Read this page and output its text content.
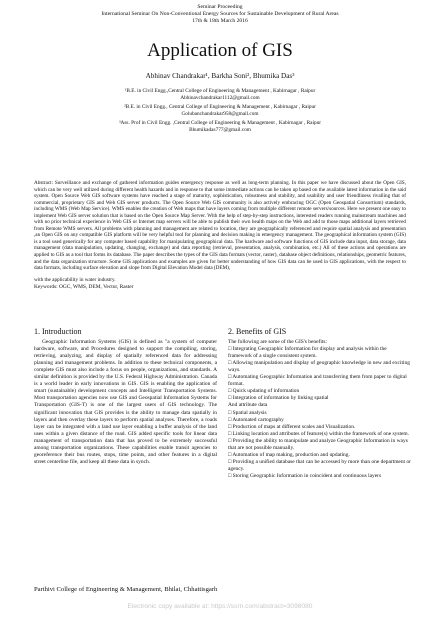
Seminar Proceeding
International Seminar On Non-Conventional Energy Sources for Sustainable Development of Rural Areas
17th & 18th March 2016
Application of GIS
Abhinav Chandrakar¹, Barkha Soni², Bhumika Das³
¹B.E. in Civil Engg.,Central College of Engineering & Management , Kabirnagar , Raipur
Abhinavchandrakar1112@gmail.com
²B.E. in Civil Engg., Central College of Engineering & Management , Kabirnagar , Raipur
Golubanchandrakar958@gmail.com
³Ass. Prof in Civil Engg. ,Central College of Engineering & Management , Kabirnagar , Raipur
Bhumikadas777@gmail.com
Abstract: Surveillance and exchange of gathered information guides emergency response as well as long-term planning. In this paper we have discussed about the Open GIS, which can be very well utilized during different health hazards and in response to that some immediate actions can be taken up based on the available latest information in the said system. Open Source Web GIS software systems have reached a stage of maturity, sophistication, robustness and stability, and usability and user friendliness rivalling that of commercial, proprietary GIS and Web GIS server products. The Open Source Web GIS community is also actively embracing OGC (Open Geospatial Consortium) standards, including WMS (Web Map Service). WMS enables the creation of Web maps that have layers coming from multiple different remote servers/sources. Here we present one easy to implement Web GIS server solution that is based on the Open Source Map Server. With the help of step-by-step instructions, interested readers running mainstream machines and with no prior technical experience in Web GIS or Internet map servers will be able to publish their own health maps on the Web and add to those maps additional layers retrieved from Remote WMS servers. All problems with planning and management are related to location, they are geographically referenced and require spatial analysis and presentation ,an Open GIS on any compatible GIS platform will be very helpful tool for planning and decision making in emergency management. The geographical information system (GIS) is a tool used generically for any computer based capability for manipulating geographical data. The hardware and software functions of GIS include data input, data storage, data management (data manipulation, updating, changing, exchange) and data reporting (retrieval, presentation, analysis, combination, etc.) All of these actions and operations are applied to GIS as a tool that forms its database. The paper describes the types of the GIS data formats (vector, raster), database object definitions, relationships, geometric features, and the data organization structure. Some GIS applications and examples are given for better understanding of how GIS data can be used in GIS applications, with the respect to data formats, including surface elevation and slope from Digital Elevation Model data (DEM),
with the applicability in water industry.
Keywords: OGC, WMS, DEM, Vector, Raster
1. Introduction

Geographic Information Systems (GIS) is defined as "a system of computer hardware, software, and Procedures designed to support the compiling, storing, retrieving, analyzing, and display of spatially referenced data for addressing planning and management problems. In addition to these technical components, a complete GIS must also include a focus on people, organizations, and standards. A similar definition is provided by the U.S. Federal Highway Administration. Canada is a world leader in early innovations in GIS. GIS is enabling the application of smart (sustainable) development concepts and Intelligent Transportation Systems. Most transportation agencies now use GIS and Geospatial Information Systems for Transportation (GIS-T) is one of the largest users of GIS technology. The significant innovation that GIS provides is the ability to manage data spatially in layers and then overlay these layers to perform spatial analyses. Therefore, a roads layer can be integrated with a land use layer enabling a buffer analysis of the land uses within a given distance of the road. GIS added specific tools for linear data management of transportation data that has proved to be extremely successful among transportation organizations. These capabilities enable transit agencies to georeference their bus routes, stops, time points, and other features in a digital street centerline file, and keep all these data in synch.

2. Benefits of GIS
The following are some of the GIS's benefits:
□ Integrating Geographic Information for display and analysis within the framework of a single consistent system.
□ Allowing manipulation and display of geographic knowledge in new and exciting ways.
□ Automating Geographic Information and transferring them from paper to digital format.
□ Quick updating of information
□ Integration of information by linking spatial
And attribute data
□ Spatial analysis
□ Automated cartography
□ Production of maps at different scales and Visualization.
□ Linking location and attributes of feature(s) within the framework of one system.
□ Providing the ability to manipulate and analyze Geographic Information in ways that are not possible manually.
□ Automation of map making, production and updating.
□ Providing a unified database that can be accessed by more than one department or agency.
□ Storing Geographic Information in coincident and continuous layers
Parthivi College of Engineering & Management, Bhilai, Chhattisgarh
Electronic copy available at: https://ssrn.com/abstract=3098080
